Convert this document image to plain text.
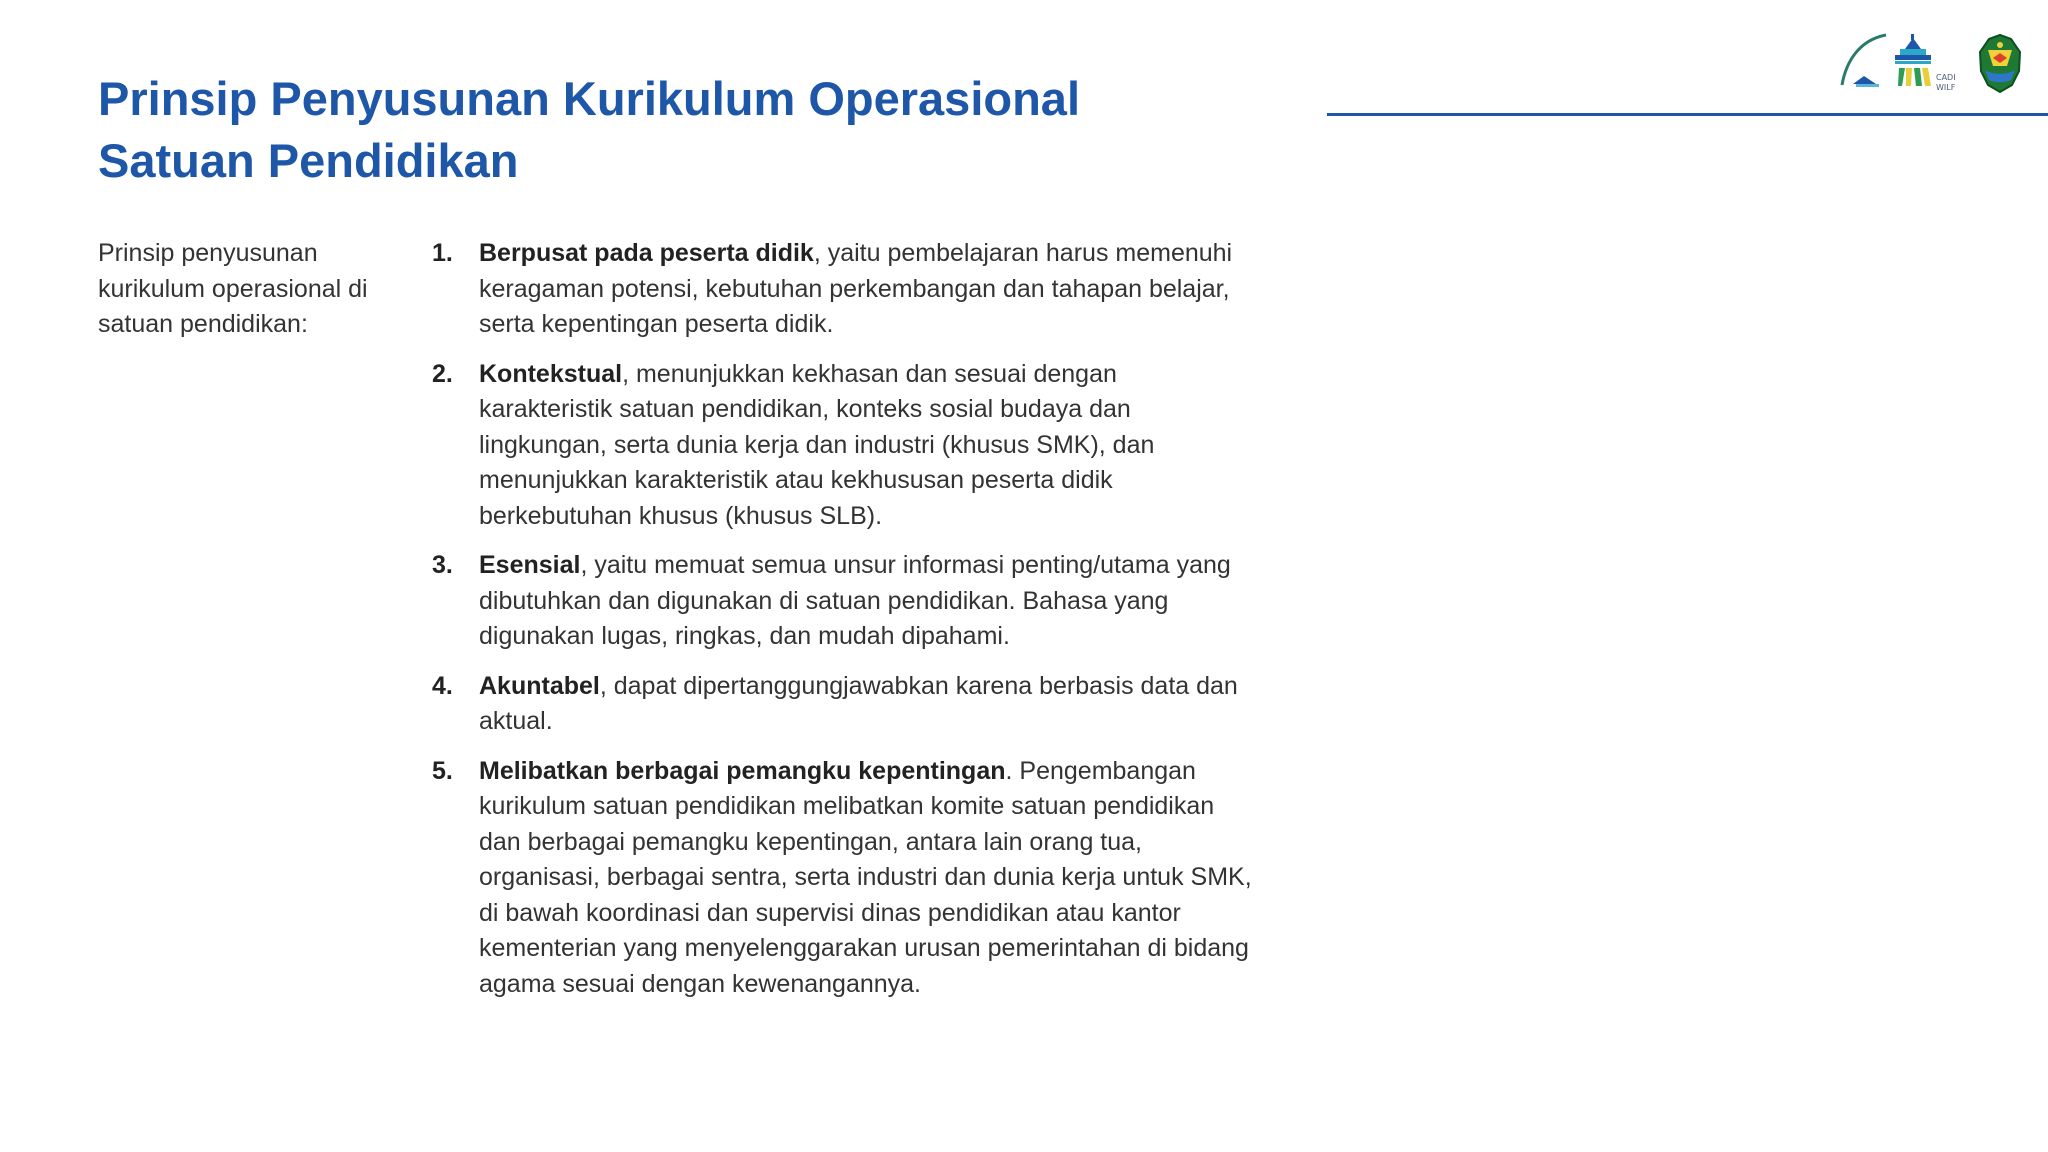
Prinsip Penyusunan Kurikulum Operasional
Satuan Pendidikan
CADI
WILF

Prinsip penyusunan kurikulum operasional di satuan pendidikan:

1. Berpusat pada peserta didik, yaitu pembelajaran harus memenuhi keragaman potensi, kebutuhan perkembangan dan tahapan belajar, serta kepentingan peserta didik.
2. Kontekstual, menunjukkan kekhasan dan sesuai dengan karakteristik satuan pendidikan, konteks sosial budaya dan lingkungan, serta dunia kerja dan industri (khusus SMK), dan menunjukkan karakteristik atau kekhususan peserta didik berkebutuhan khusus (khusus SLB).
3. Esensial, yaitu memuat semua unsur informasi penting/utama yang dibutuhkan dan digunakan di satuan pendidikan. Bahasa yang digunakan lugas, ringkas, dan mudah dipahami.
4. Akuntabel, dapat dipertanggungjawabkan karena berbasis data dan aktual.
5. Melibatkan berbagai pemangku kepentingan. Pengembangan kurikulum satuan pendidikan melibatkan komite satuan pendidikan dan berbagai pemangku kepentingan, antara lain orang tua, organisasi, berbagai sentra, serta industri dan dunia kerja untuk SMK, di bawah koordinasi dan supervisi dinas pendidikan atau kantor kementerian yang menyelenggarakan urusan pemerintahan di bidang agama sesuai dengan kewenangannya.
